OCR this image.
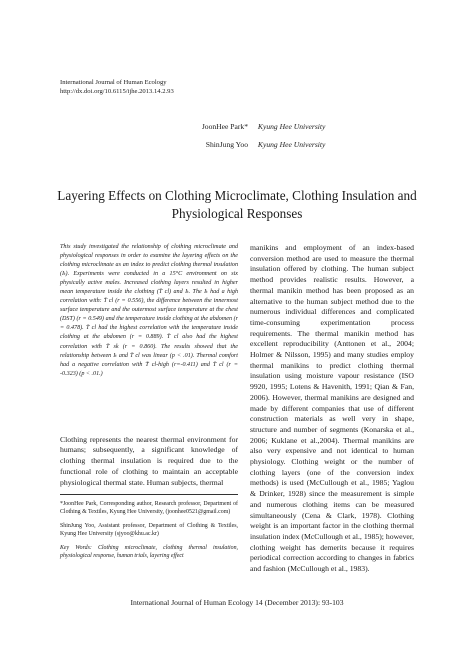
International Journal of Human Ecology
http://dx.doi.org/10.6115/ijhe.2013.14.2.93
JoonHee Park* Kyung Hee University
ShinJung Yoo Kyung Hee University
Layering Effects on Clothing Microclimate, Clothing Insulation and Physiological Responses

This study investigated the relationship of clothing microclimate and physiological responses in order to examine the layering effects on the clothing microclimate as an index to predict clothing thermal insulation (Iₜ). Experiments were conducted in a 15°C environment on six physically active males. Increased clothing layers resulted in higher mean temperature inside the clothing (T̄ cl) and Iₜ. The Iₜ had a high correlation with: T̄ cl (r = 0.556), the difference between the innermost surface temperature and the outermost surface temperature at the chest (DST) (r = 0.549) and the temperature inside clothing at the abdomen (r = 0.478). T̄ cl had the highest correlation with the temperature inside clothing at the abdomen (r = 0.889). T̄ cl also had the highest correlation with T̄ sk (r = 0.860). The results showed that the relationship between Iₜ and T̄ cl was linear (p < .01). Thermal comfort had a negative correlation with T̄ cl-high (r=-0.411) and T̄ cl (r = -0.323) (p < .01.)

Clothing represents the nearest thermal environment for humans; subsequently, a significant knowledge of clothing thermal insulation is required due to the functional role of clothing to maintain an acceptable physiological thermal state. Human subjects, thermal

*JoonHee Park, Corresponding author, Research professor, Department of Clothing & Textiles, Kyung Hee University, (joonhee0521@gmail.com)

ShinJung Yoo, Assistant professor, Department of Clothing & Textiles, Kyung Hee University (sjyoo@khu.ac.kr)

Key Words: Clothing microclimate, clothing thermal insulation, physiological response, human trials, layering effect

manikins and employment of an index-based conversion method are used to measure the thermal insulation offered by clothing. The human subject method provides realistic results. However, a thermal manikin method has been proposed as an alternative to the human subject method due to the numerous individual differences and complicated time-consuming experimentation process requirements. The thermal manikin method has excellent reproducibility (Anttonen et al., 2004; Holmer & Nilsson, 1995) and many studies employ thermal manikins to predict clothing thermal insulation using moisture vapour resistance (ISO 9920, 1995; Lotens & Havenith, 1991; Qian & Fan, 2006). However, thermal manikins are designed and made by different companies that use of different construction materials as well very in shape, structure and number of segments (Konarska et al., 2006; Kuklane et al.,2004). Thermal manikins are also very expensive and not identical to human physiology. Clothing weight or the number of clothing layers (one of the conversion index methods) is used (McCullough et al., 1985; Yaglou & Drinker, 1928) since the measurement is simple and numerous clothing items can be measured simultaneously (Cena & Clark, 1978). Clothing weight is an important factor in the clothing thermal insulation index (McCullough et al., 1985); however, clothing weight has demerits because it requires periodical correction according to changes in fabrics and fashion (McCullough et al., 1983).

International Journal of Human Ecology 14 (December 2013): 93-103
